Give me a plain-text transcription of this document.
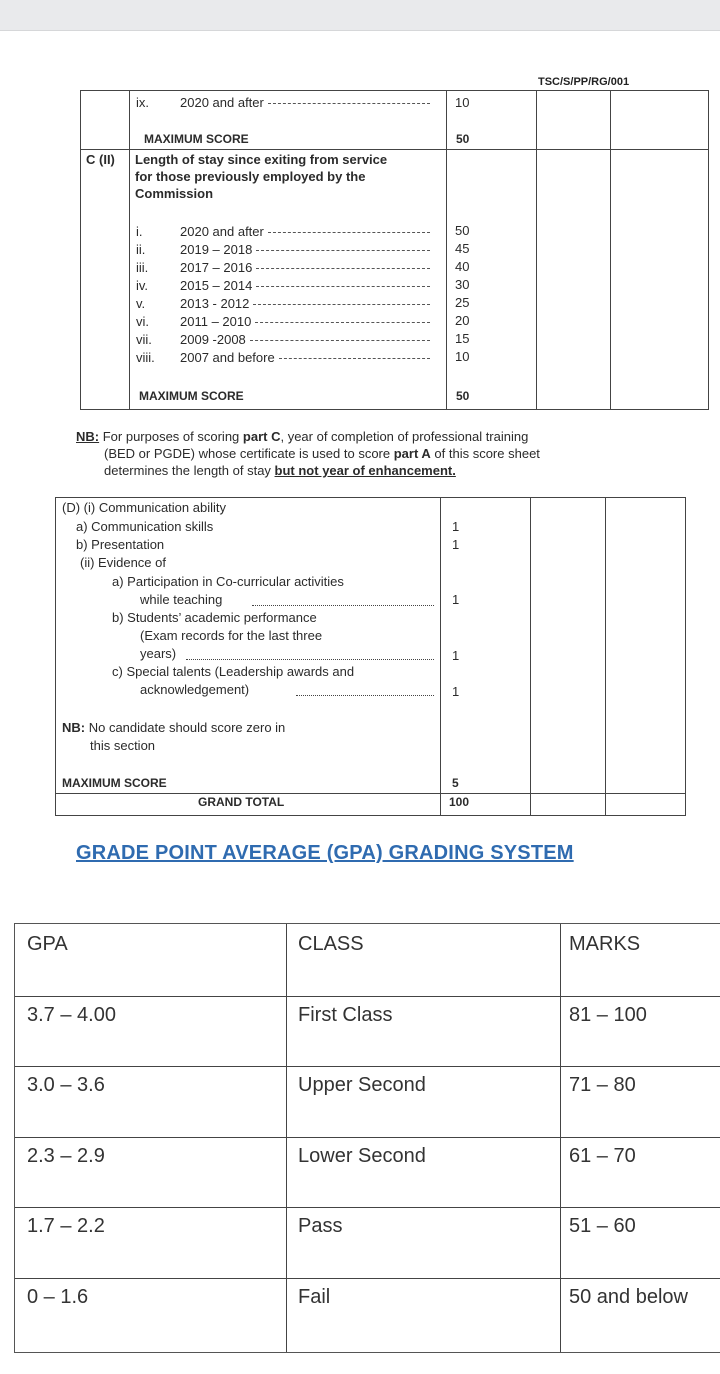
TSC/S/PP/RG/001
ix.	2020 and after	10
MAXIMUM SCORE	50
C (II) Length of stay since exiting from service
for those previously employed by the
Commission
i.	2020 and after	50
ii.	2019 – 2018	45
iii.	2017 – 2016	40
iv.	2015 – 2014	30
v.	2013 - 2012	25
vi.	2011 – 2010	20
vii.	2009 -2008	15
viii.	2007 and before	10
MAXIMUM SCORE	50
NB: For purposes of scoring part C, year of completion of professional training
(BED or PGDE) whose certificate is used to score part A of this score sheet
determines the length of stay but not year of enhancement.
(D) (i) Communication ability
a) Communication skills	1
b) Presentation	1
(ii) Evidence of
a) Participation in Co-curricular activities
while teaching	1
b) Students’ academic performance
(Exam records for the last three
years)	1
c) Special talents (Leadership awards and
acknowledgement)	1
NB: No candidate should score zero in
this section
MAXIMUM SCORE	5
GRAND TOTAL	100
GRADE POINT AVERAGE (GPA) GRADING SYSTEM
GPA	CLASS	MARKS
3.7 – 4.00	First Class	81 – 100
3.0 – 3.6	Upper Second	71 – 80
2.3 – 2.9	Lower Second	61 – 70
1.7 – 2.2	Pass	51 – 60
0 – 1.6	Fail	50 and below
